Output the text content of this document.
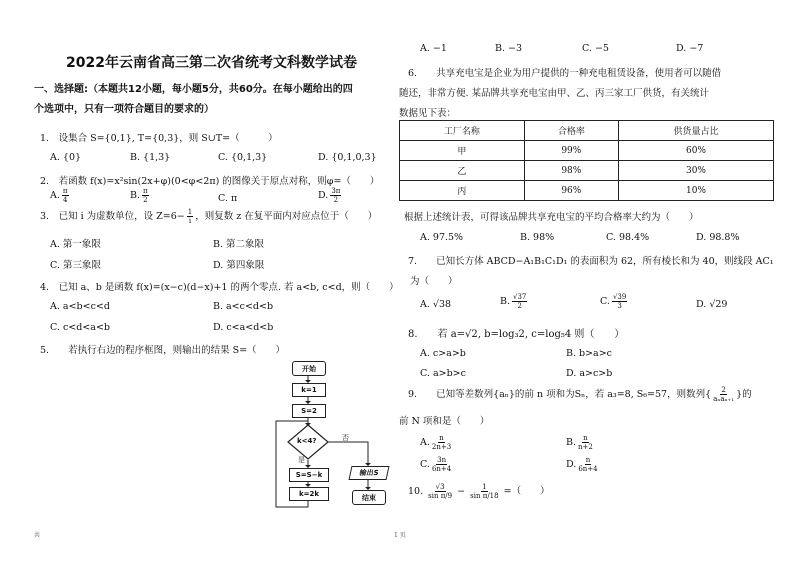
2022年云南省高三第二次省统考文科数学试卷
一、选择题:（本题共12小题，每小题5分，共60分。在每小题给出的四
个选项中，只有一项符合题目的要求的）
1.　设集合 S={0,1}, T={0,3}，则 S∪T=（　　　）
A. {0}	B. {1,3}	C. {0,1,3}	D. {0,1,0,3}
2.　若函数 f(x)=x²sin(2x+φ)(0<φ<2π) 的图像关于原点对称，则φ=（　　）
A. $\frac{\pi}{4}$	B. $\frac{\pi}{2}$	C. π	D. $\frac{3\pi}{2}$
3.　已知 i 为虚数单位，设 $Z=6- \frac{1}{i}$ ，则复数 z 在复平面内对应点位于（　　）
A. 第一象限	B. 第二象限
C. 第三象限	D. 第四象限
4.　已知 a、b 是函数 f(x)=(x−c)(d−x)+1 的两个零点. 若 a<b, c<d，则（　　）
A. a<b<c<d	B. a<c<d<b
C. c<d<a<b	D. c<a<d<b
5.　　若执行右边的程序框图，则输出的结果 S=（　　）
开始
k=1
S=2
k<4?
是
否
S=S−k
k=2k
输出S
结束
A. −1	B. −3	C. −5	D. −7
6.　　共享充电宝是企业为用户提供的一种充电租赁设备，使用者可以随借
随还，非常方便. 某品牌共享充电宝由甲、乙、丙三家工厂供货，有关统计
数据见下表：
工厂名称	合格率	供货量占比
甲	99%	60%
乙	98%	30%
丙	96%	10%
根据上述统计表，可得该品牌共享充电宝的平均合格率大约为（　　）
A. 97.5%	B. 98%	C. 98.4%	D. 98.8%
7.　　已知长方体 ABCD−A₁B₁C₁D₁ 的表面积为 62，所有棱长和为 40，则线段 AC₁
为（　　）
A. √38	B. $\frac{√37}{2}$	C. $\frac{√39}{3}$	D. √29
8.　　若 a=√2, b=log₃2, c=log₅4 则（　　）
A. c>a>b	B. b>a>c
C. a>b>c	D. a>c>b
9.　　已知等差数列{aₙ}的前 n 项和为Sₙ，若 a₃=8, S₆=57，则数列{ $\frac{2}{\text{aₙaₙ₊₁}}$ }的
前 N 项和是（　　）
A. $\frac{n}{2n+3}$	B. $\frac{n}{n+2}$
C. $\frac{3n}{6n+4}$	D. $\frac{n}{6n+4}$
10. $\frac{√3}{\text{sin π/9}} - \frac{1}{\text{sin π/18}}$ =（　　）
共	1 页
